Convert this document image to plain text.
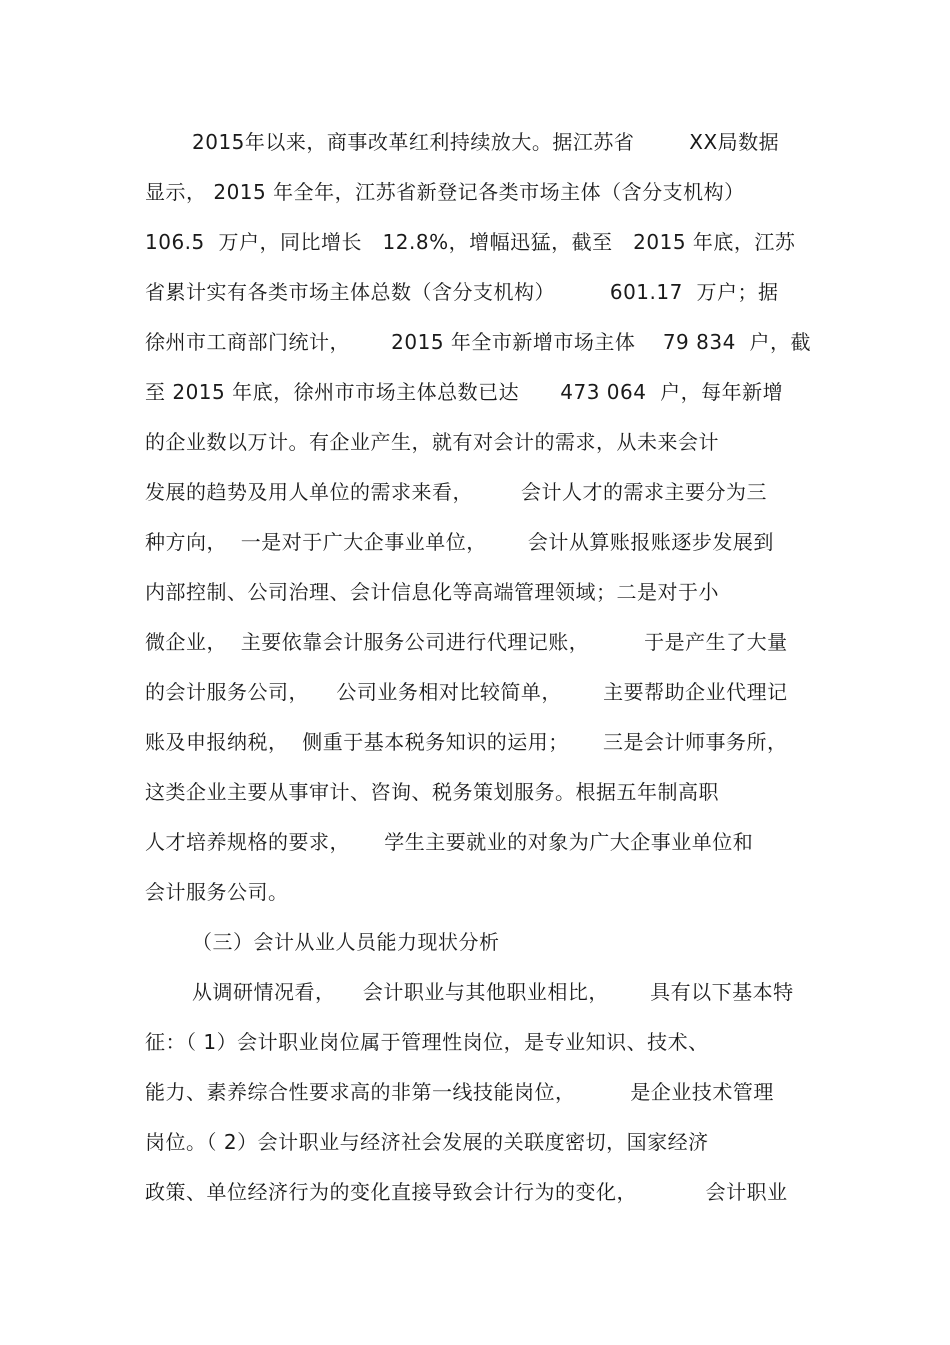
2015年以来，商事改革红利持续放大。据江苏省        XX局数据
显示， 2015 年全年，江苏省新登记各类市场主体（含分支机构）
106.5  万户，同比增长   12.8%，增幅迅猛，截至   2015 年底，江苏
省累计实有各类市场主体总数（含分支机构）        601.17  万户；据
徐州市工商部门统计，      2015 年全市新增市场主体    79 834  户，截
至 2015 年底，徐州市市场主体总数已达      473 064  户，每年新增
的企业数以万计。有企业产生，就有对会计的需求，从未来会计
发展的趋势及用人单位的需求来看，       会计人才的需求主要分为三
种方向，  一是对于广大企事业单位，      会计从算账报账逐步发展到
内部控制、公司治理、会计信息化等高端管理领域；二是对于小
微企业，  主要依靠会计服务公司进行代理记账，        于是产生了大量
的会计服务公司，    公司业务相对比较简单，      主要帮助企业代理记
账及申报纳税，  侧重于基本税务知识的运用；     三是会计师事务所，
这类企业主要从事审计、咨询、税务策划服务。根据五年制高职
人才培养规格的要求，     学生主要就业的对象为广大企事业单位和
会计服务公司。
（三）会计从业人员能力现状分析
从调研情况看，    会计职业与其他职业相比，      具有以下基本特
征：（ 1）会计职业岗位属于管理性岗位，是专业知识、技术、
能力、素养综合性要求高的非第一线技能岗位，        是企业技术管理
岗位。（ 2）会计职业与经济社会发展的关联度密切，国家经济
政策、单位经济行为的变化直接导致会计行为的变化，          会计职业
